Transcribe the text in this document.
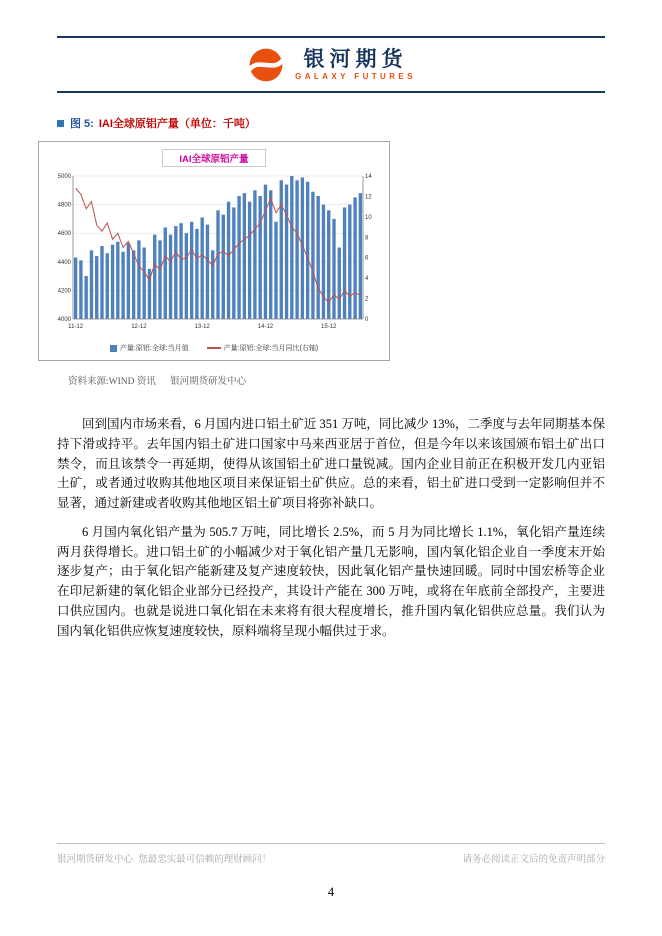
银河期货
GALAXY FUTURES
图 5: IAI全球原铝产量（单位：千吨）
IAI全球原铝产量
4000
4200
4400
4600
4800
5000
0
2
4
6
8
10
12
14
11-12	12-12	13-12	14-12	15-12
产量:原铝:全球:当月值	产量:原铝:全球:当月同比(右轴)
资料来源:WIND 资讯      银河期货研发中心

回到国内市场来看，6 月国内进口铝土矿近 351 万吨，同比减少 13%，二季度与去年同期基本保持下滑或持平。去年国内铝土矿进口国家中马来西亚居于首位，但是今年以来该国颁布铝土矿出口禁令，而且该禁令一再延期，使得从该国铝土矿进口量锐减。国内企业目前正在积极开发几内亚铝土矿，或者通过收购其他地区项目来保证铝土矿供应。总的来看，铝土矿进口受到一定影响但并不显著，通过新建或者收购其他地区铝土矿项目将弥补缺口。

6 月国内氧化铝产量为 505.7 万吨，同比增长 2.5%，而 5 月为同比增长 1.1%，氧化铝产量连续两月获得增长。进口铝土矿的小幅减少对于氧化铝产量几无影响，国内氧化铝企业自一季度末开始逐步复产；由于氧化铝产能新建及复产速度较快，因此氧化铝产量快速回暖。同时中国宏桥等企业在印尼新建的氧化铝企业部分已经投产，其设计产能在 300 万吨，或将在年底前全部投产，主要进口供应国内。也就是说进口氧化铝在未来将有很大程度增长，推升国内氧化铝供应总量。我们认为国内氧化铝供应恢复速度较快，原料端将呈现小幅供过于求。

银河期货研发中心  您最忠实最可信赖的理财顾问！	请务必阅读正文后的免责声明部分
4
